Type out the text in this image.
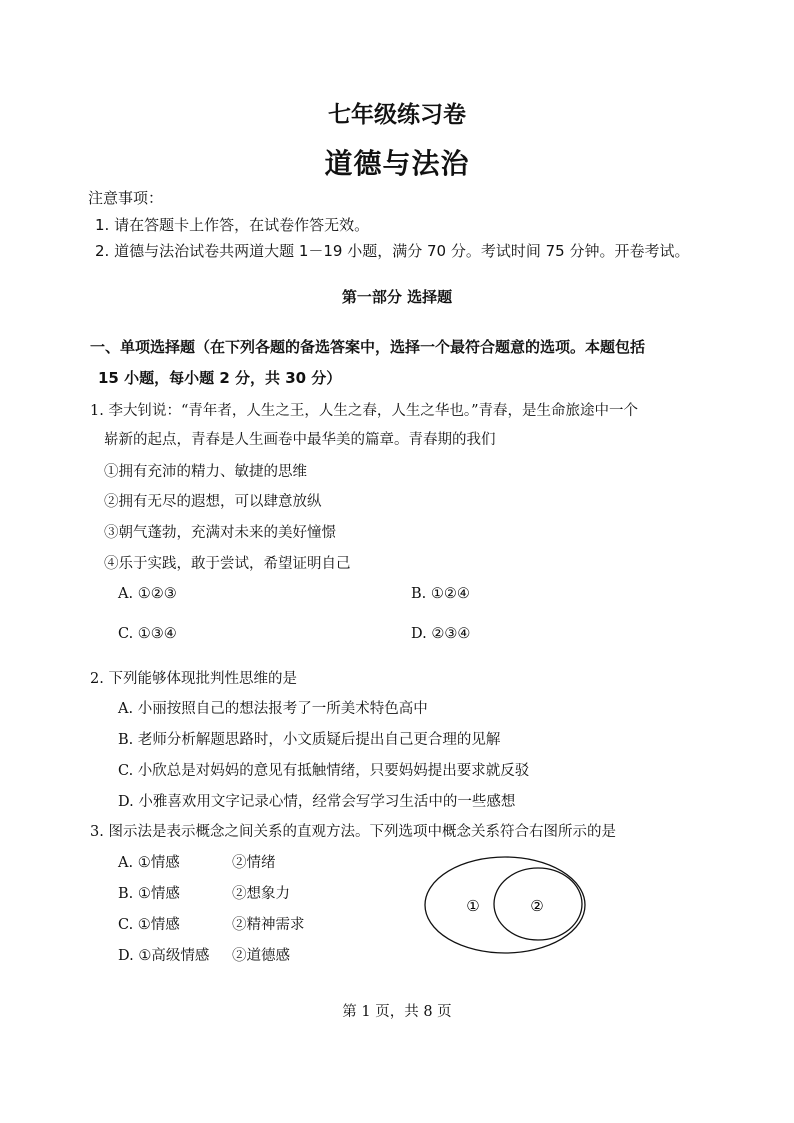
七年级练习卷
道德与法治
注意事项：
1. 请在答题卡上作答，在试卷作答无效。
2. 道德与法治试卷共两道大题 1－19 小题，满分 70 分。考试时间 75 分钟。开卷考试。
第一部分 选择题
一、单项选择题（在下列各题的备选答案中，选择一个最符合题意的选项。本题包括
15 小题，每小题 2 分，共 30 分）
1. 李大钊说：“青年者，人生之王，人生之春，人生之华也。”青春，是生命旅途中一个
崭新的起点，青春是人生画卷中最华美的篇章。青春期的我们
①拥有充沛的精力、敏捷的思维
②拥有无尽的遐想，可以肆意放纵
③朝气蓬勃，充满对未来的美好憧憬
④乐于实践，敢于尝试，希望证明自己
A. ①②③	B. ①②④
C. ①③④	D. ②③④
2. 下列能够体现批判性思维的是
A. 小丽按照自己的想法报考了一所美术特色高中
B. 老师分析解题思路时，小文质疑后提出自己更合理的见解
C. 小欣总是对妈妈的意见有抵触情绪，只要妈妈提出要求就反驳
D. 小雅喜欢用文字记录心情，经常会写学习生活中的一些感想
3. 图示法是表示概念之间关系的直观方法。下列选项中概念关系符合右图所示的是
A. ①情感	②情绪
B. ①情感	②想象力
C. ①情感	②精神需求
D. ①高级情感 ②道德感
①	②
第 1 页，共 8 页
